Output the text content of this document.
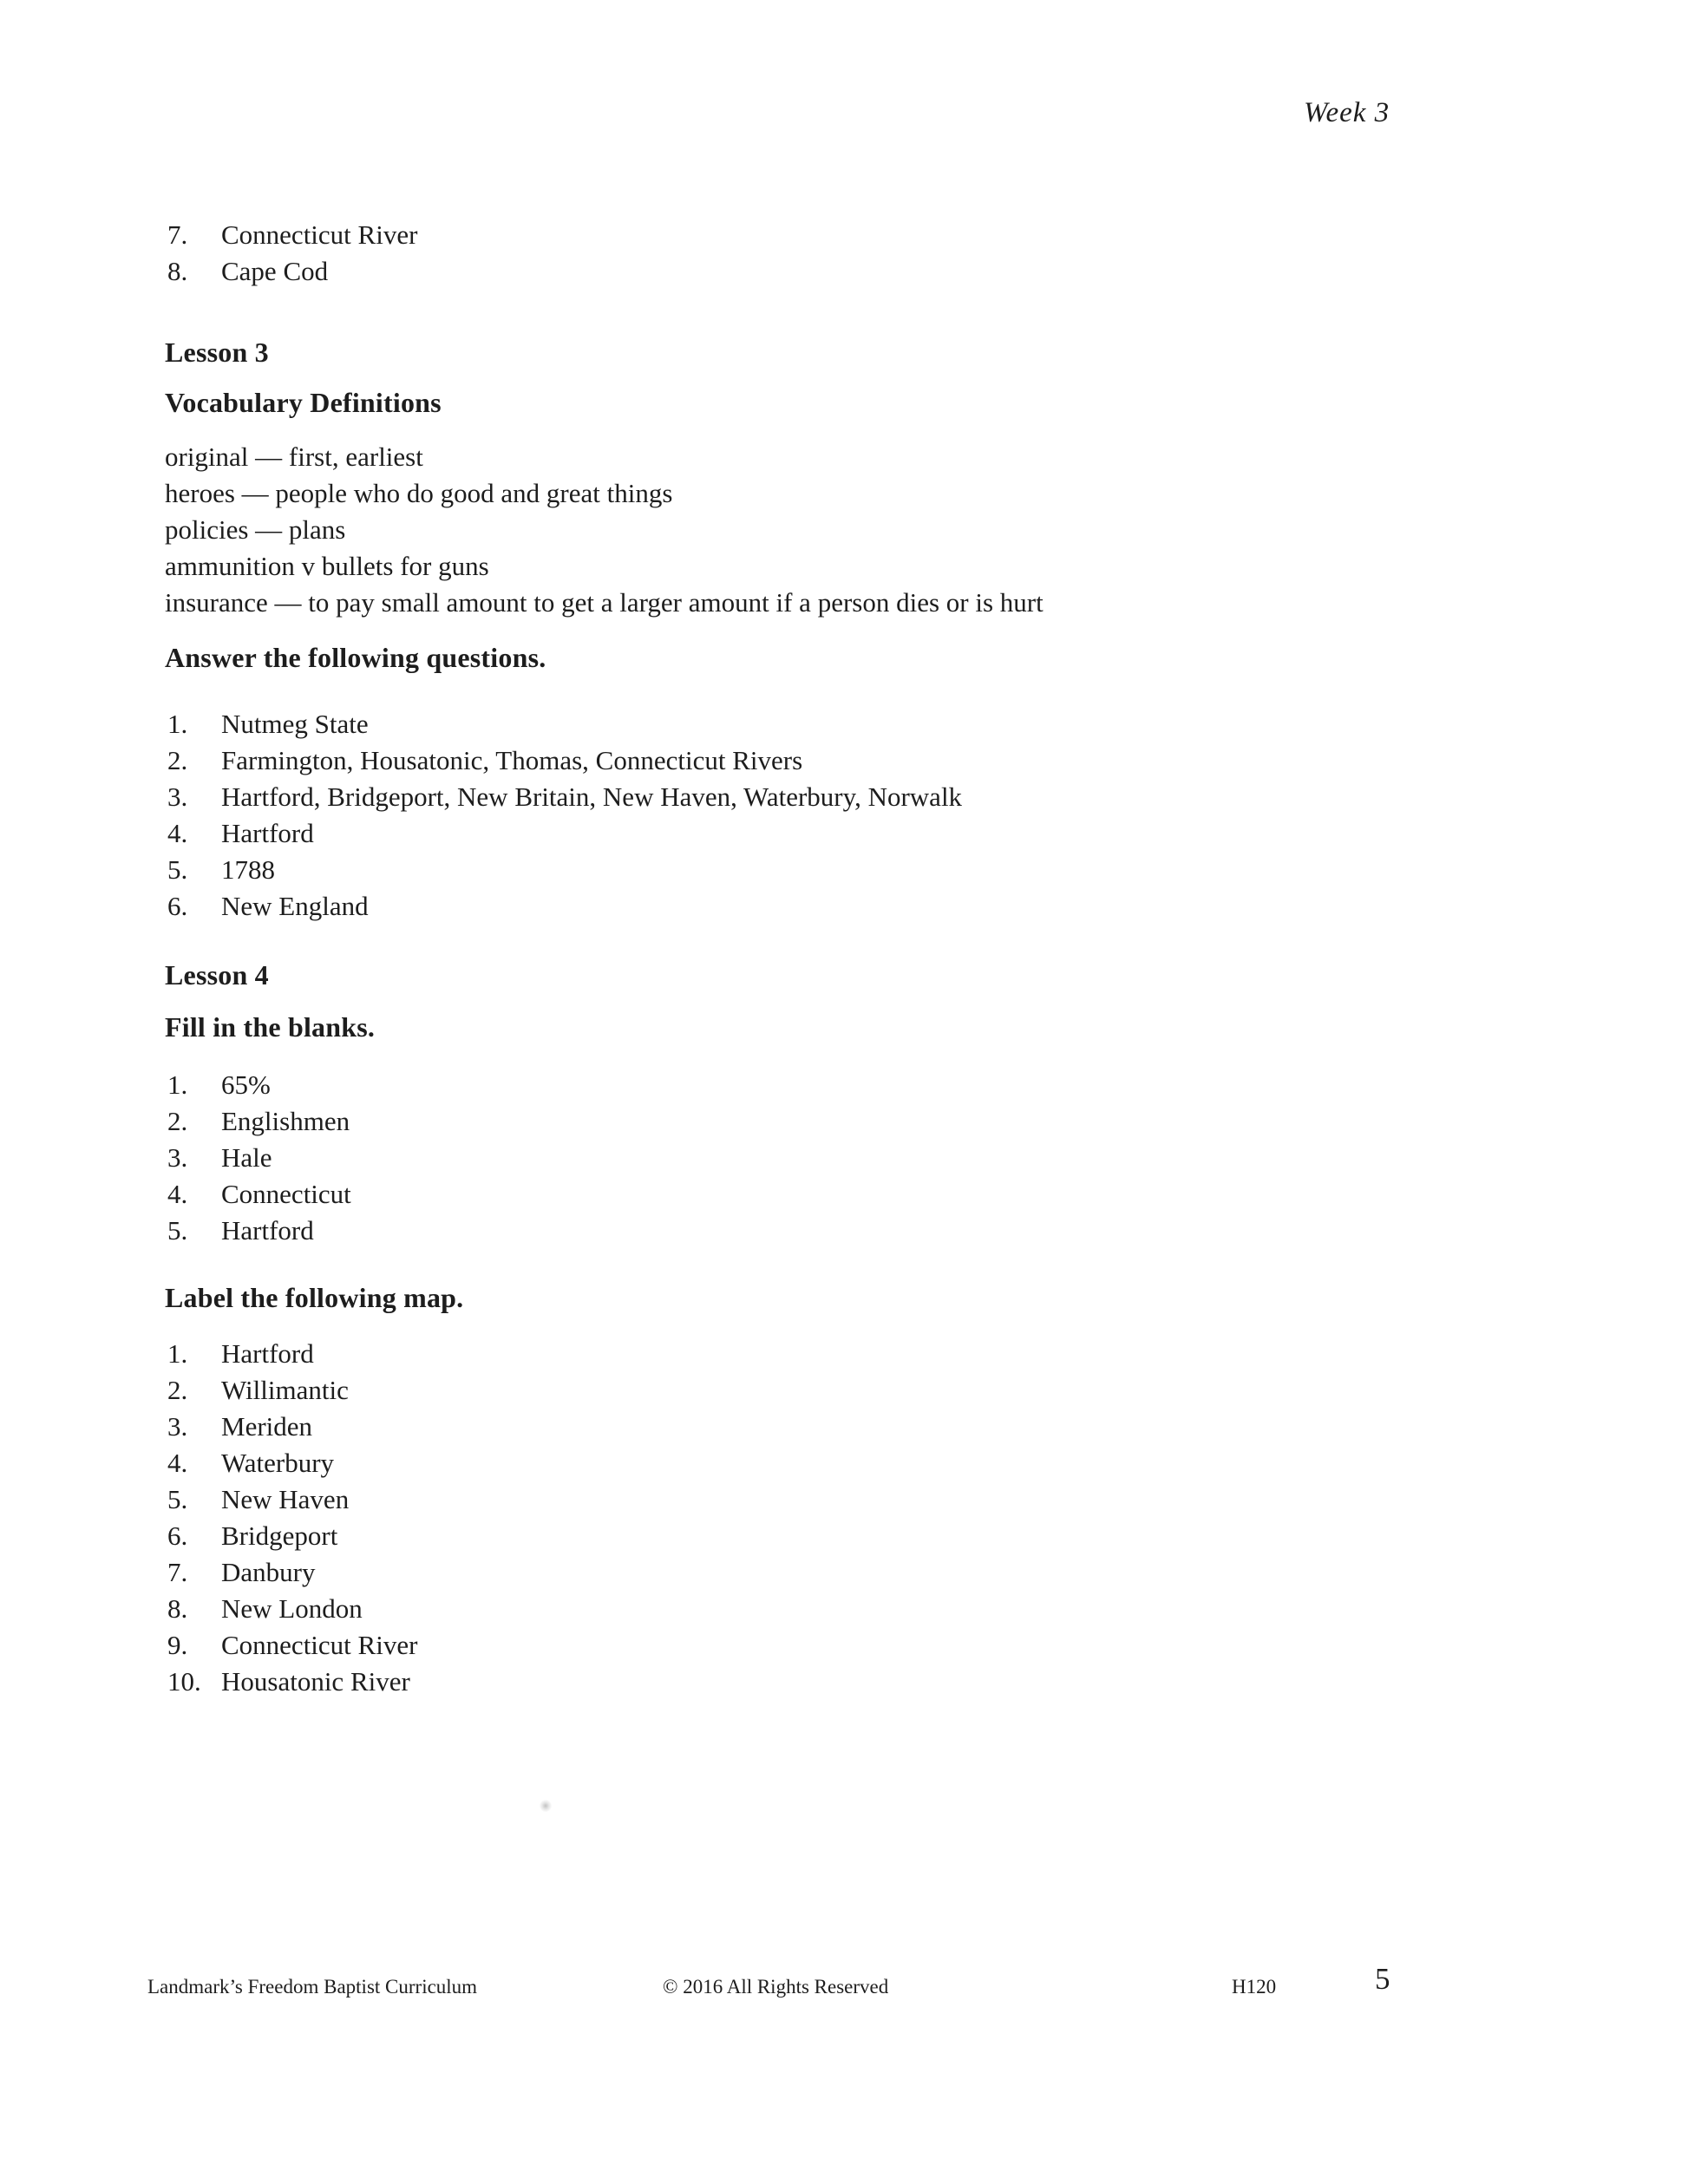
Week 3
7.	Connecticut River
8.	Cape Cod
Lesson 3
Vocabulary Definitions
original — first, earliest
heroes — people who do good and great things
policies — plans
ammunition v bullets for guns
insurance — to pay small amount to get a larger amount if a person dies or is hurt
Answer the following questions.
1.	Nutmeg State
2.	Farmington, Housatonic, Thomas, Connecticut Rivers
3.	Hartford, Bridgeport, New Britain, New Haven, Waterbury, Norwalk
4.	Hartford
5.	1788
6.	New England
Lesson 4
Fill in the blanks.
1.	65%
2.	Englishmen
3.	Hale
4.	Connecticut
5.	Hartford
Label the following map.
1.	Hartford
2.	Willimantic
3.	Meriden
4.	Waterbury
5.	New Haven
6.	Bridgeport
7.	Danbury
8.	New London
9.	Connecticut River
10. Housatonic River
Landmark’s Freedom Baptist Curriculum	© 2016 All Rights Reserved	H120	5
